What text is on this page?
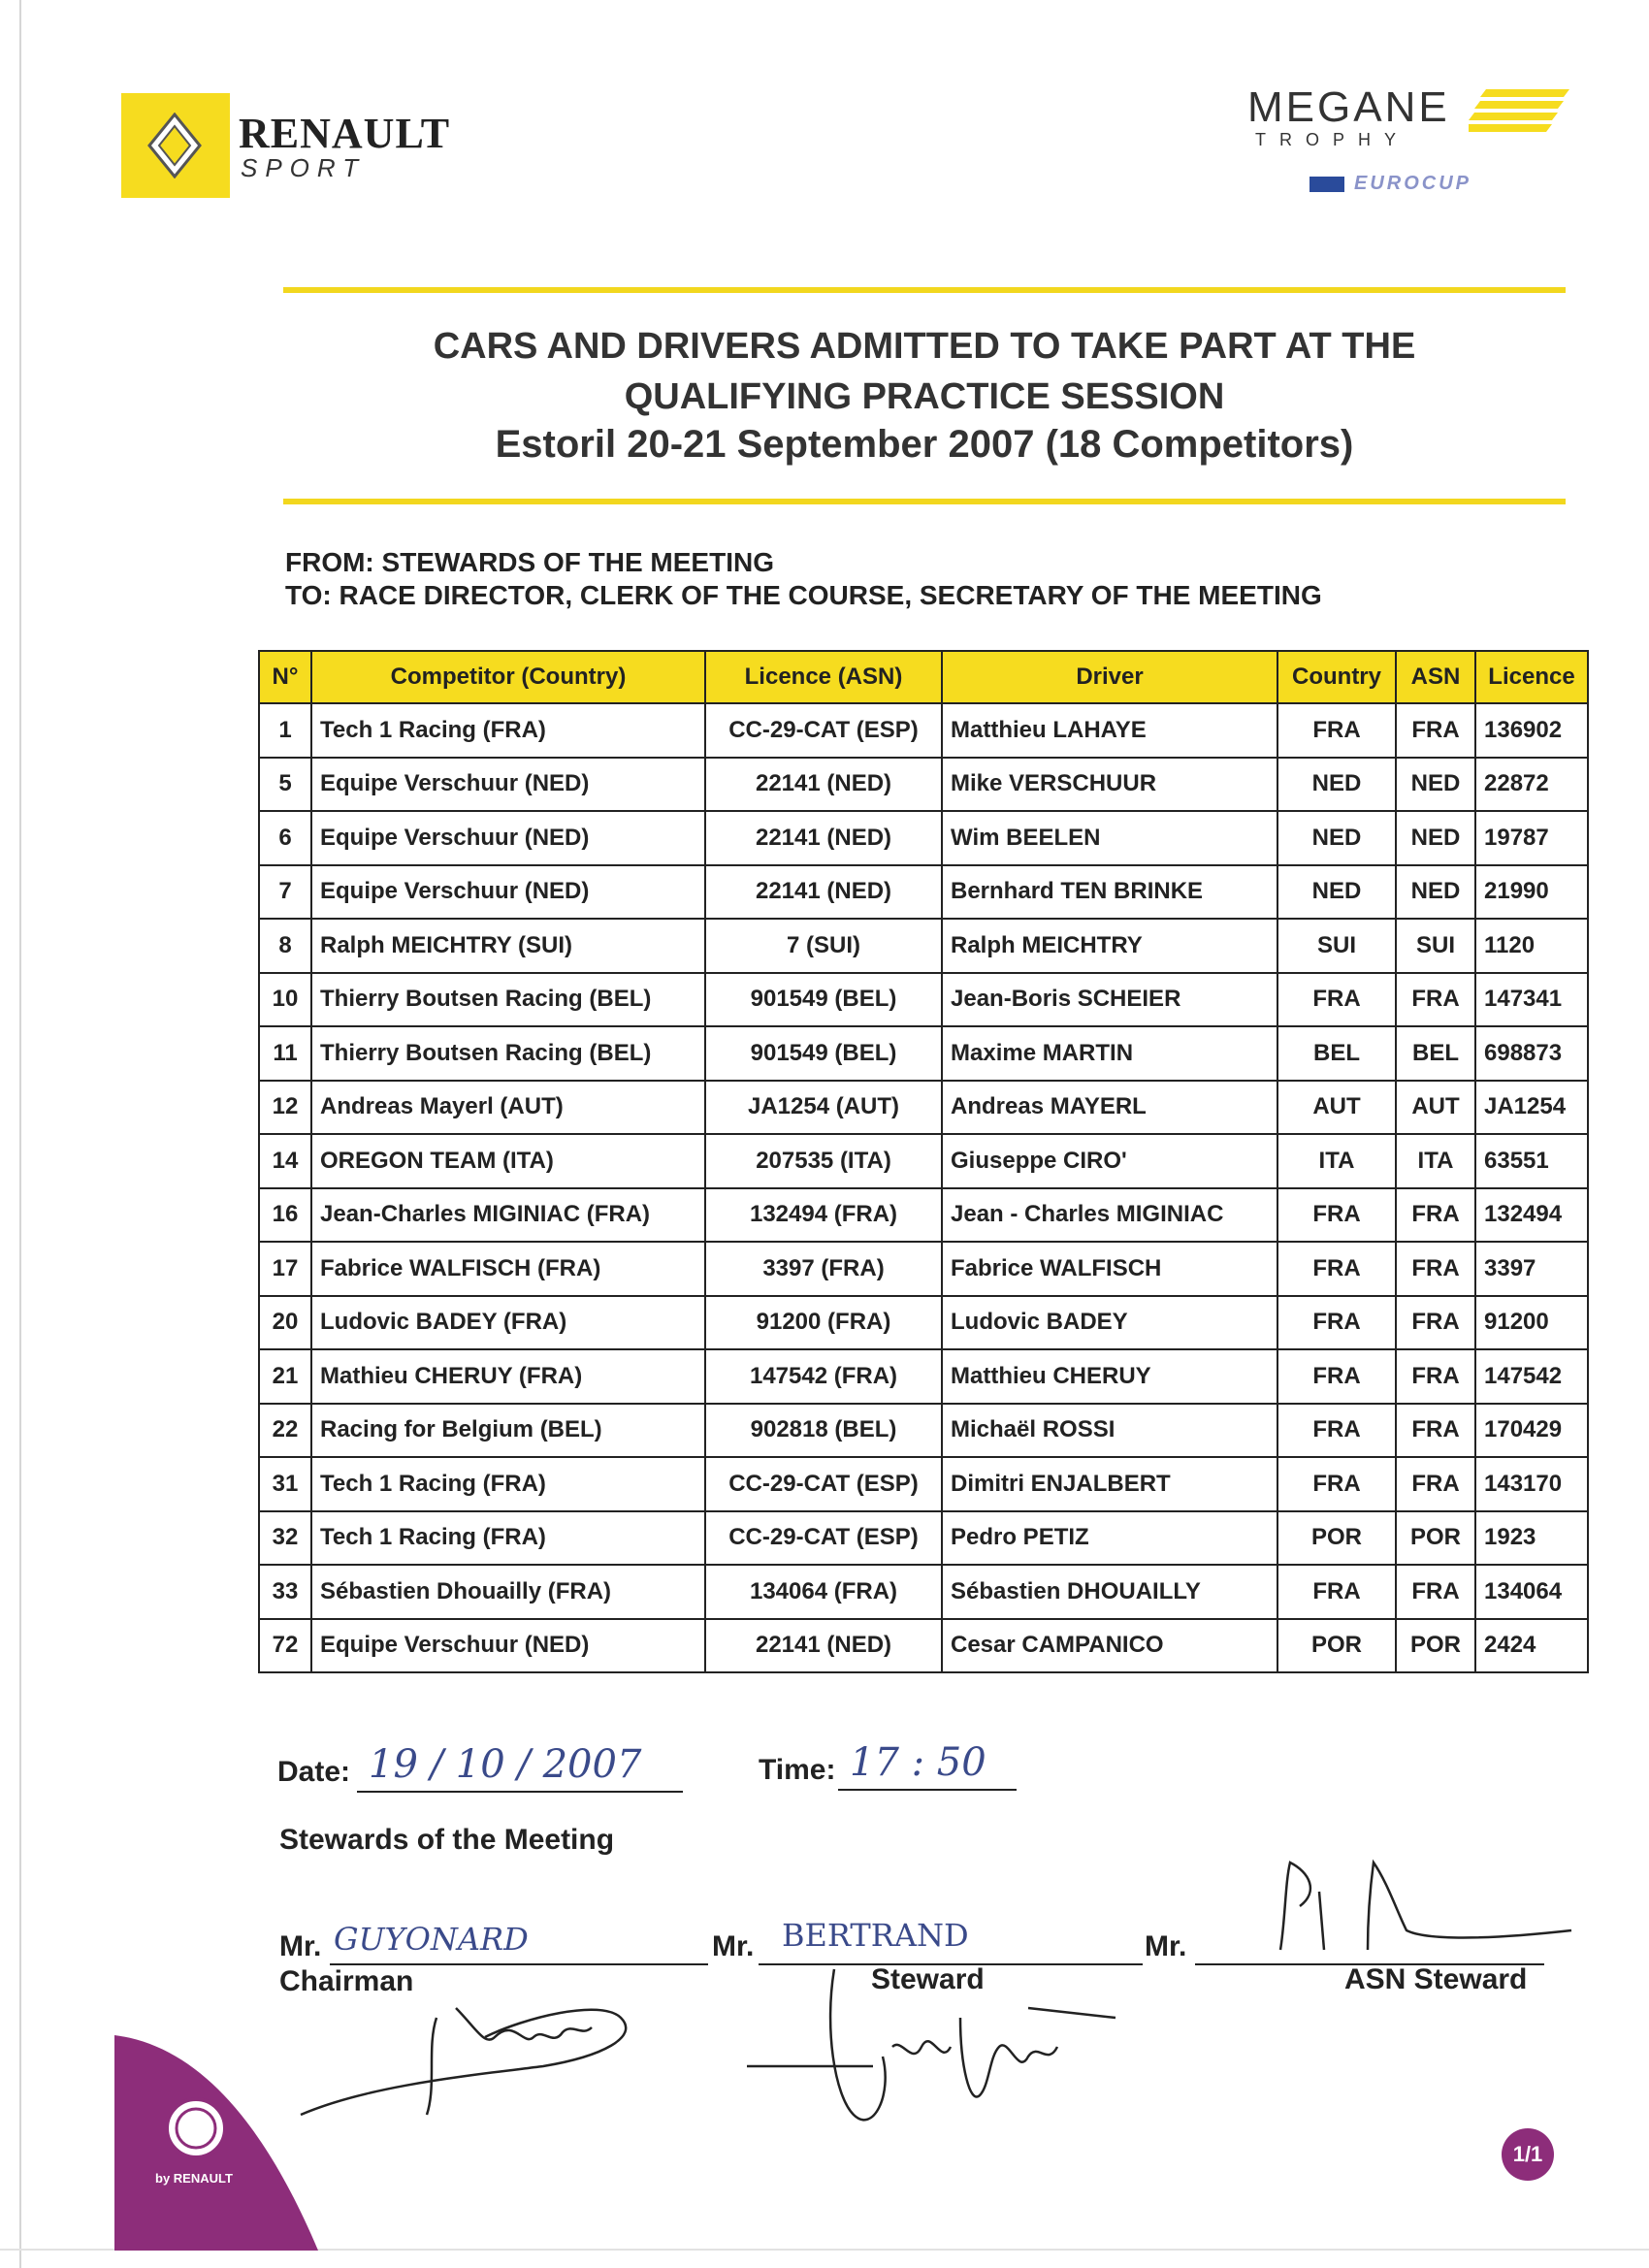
RENAULT
SPORT
MEGANE
TROPHY
EUROCUP
CARS AND DRIVERS ADMITTED TO TAKE PART AT THE
QUALIFYING PRACTICE SESSION
Estoril 20-21 September 2007 (18 Competitors)
FROM: STEWARDS OF THE MEETING
TO: RACE DIRECTOR, CLERK OF THE COURSE, SECRETARY OF THE MEETING
N°	Competitor (Country)	Licence (ASN)	Driver	Country	ASN	Licence
1	Tech 1 Racing (FRA)	CC-29-CAT (ESP)	Matthieu LAHAYE	FRA	FRA	136902
5	Equipe Verschuur (NED)	22141 (NED)	Mike VERSCHUUR	NED	NED	22872
6	Equipe Verschuur (NED)	22141 (NED)	Wim BEELEN	NED	NED	19787
7	Equipe Verschuur (NED)	22141 (NED)	Bernhard TEN BRINKE	NED	NED	21990
8	Ralph MEICHTRY (SUI)	7 (SUI)	Ralph MEICHTRY	SUI	SUI	1120
10	Thierry Boutsen Racing (BEL)	901549 (BEL)	Jean-Boris SCHEIER	FRA	FRA	147341
11	Thierry Boutsen Racing (BEL)	901549 (BEL)	Maxime MARTIN	BEL	BEL	698873
12	Andreas Mayerl (AUT)	JA1254 (AUT)	Andreas MAYERL	AUT	AUT	JA1254
14	OREGON TEAM (ITA)	207535 (ITA)	Giuseppe CIRO'	ITA	ITA	63551
16	Jean-Charles MIGINIAC (FRA)	132494 (FRA)	Jean - Charles MIGINIAC	FRA	FRA	132494
17	Fabrice WALFISCH (FRA)	3397 (FRA)	Fabrice WALFISCH	FRA	FRA	3397
20	Ludovic BADEY (FRA)	91200 (FRA)	Ludovic BADEY	FRA	FRA	91200
21	Mathieu CHERUY (FRA)	147542 (FRA)	Matthieu CHERUY	FRA	FRA	147542
22	Racing for Belgium (BEL)	902818 (BEL)	Michaël ROSSI	FRA	FRA	170429
31	Tech 1 Racing (FRA)	CC-29-CAT (ESP)	Dimitri ENJALBERT	FRA	FRA	143170
32	Tech 1 Racing (FRA)	CC-29-CAT (ESP)	Pedro PETIZ	POR	POR	1923
33	Sébastien Dhouailly (FRA)	134064 (FRA)	Sébastien DHOUAILLY	FRA	FRA	134064
72	Equipe Verschuur (NED)	22141 (NED)	Cesar CAMPANICO	POR	POR	2424
Date: 19 / 10 / 2007	Time: 17 : 50
Stewards of the Meeting
Mr. GUYONARD
Chairman
Mr. BERTRAND
Steward
Mr.
ASN Steward
by RENAULT
1/1
